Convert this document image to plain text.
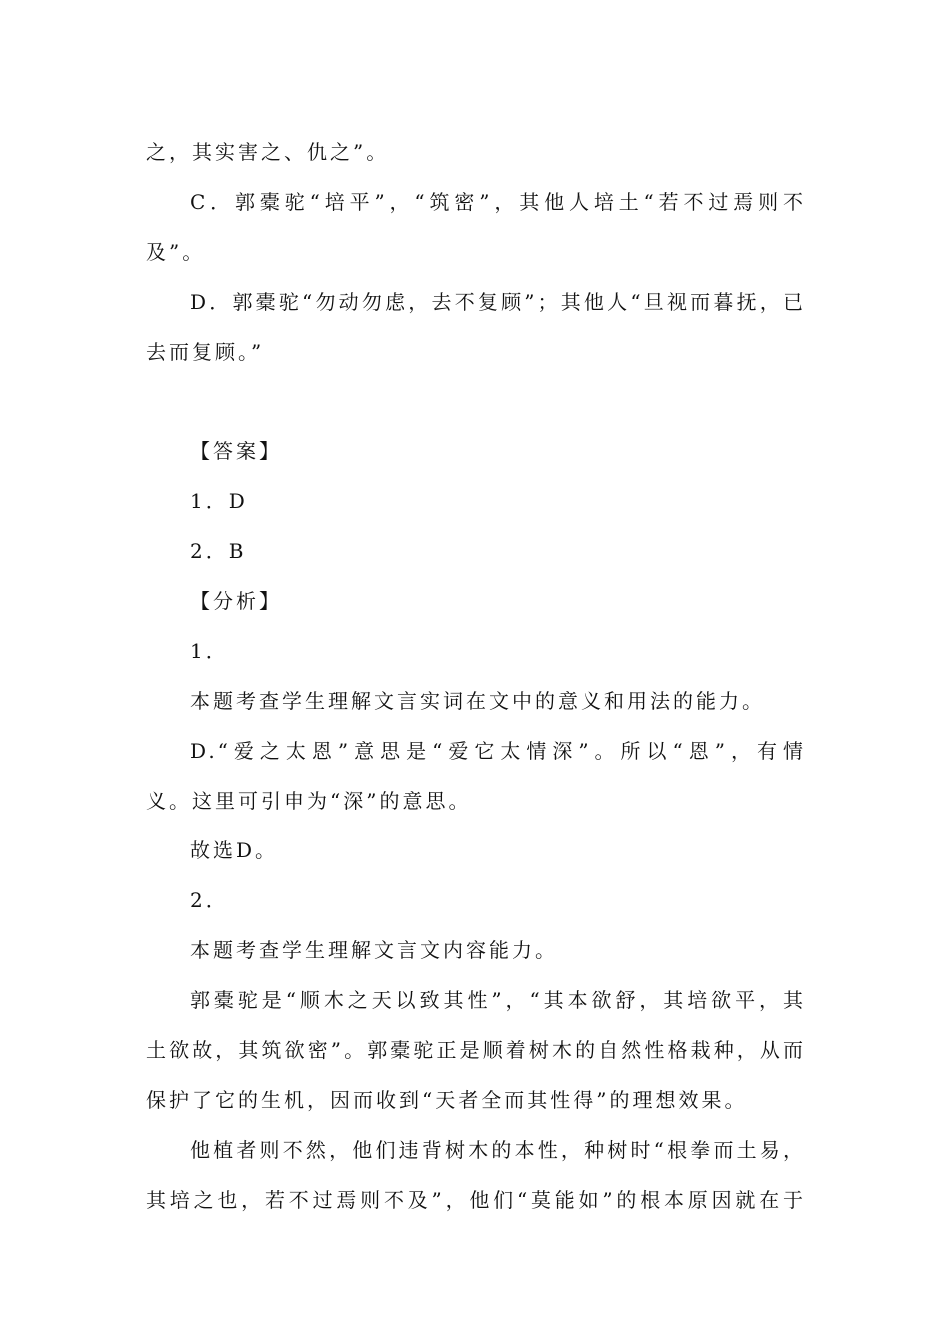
之，其实害之、仇之”。
C．郭橐驼“培平”，“筑密”，其他人培土“若不过焉则不
及”。
D．郭橐驼“勿动勿虑，去不复顾”；其他人“旦视而暮抚，已
去而复顾。”
【答案】
1．D
2．B
【分析】
1．
本题考查学生理解文言实词在文中的意义和用法的能力。
D.“爱之太恩”意思是“爱它太情深”。所以“恩”，有情
义。这里可引申为“深”的意思。
故选D。
2．
本题考查学生理解文言文内容能力。
郭橐驼是“顺木之天以致其性”，“其本欲舒，其培欲平，其
土欲故，其筑欲密”。郭橐驼正是顺着树木的自然性格栽种，从而
保护了它的生机，因而收到“天者全而其性得”的理想效果。
他植者则不然，他们违背树木的本性，种树时“根拳而土易，
其培之也，若不过焉则不及”，他们“莫能如”的根本原因就在于
